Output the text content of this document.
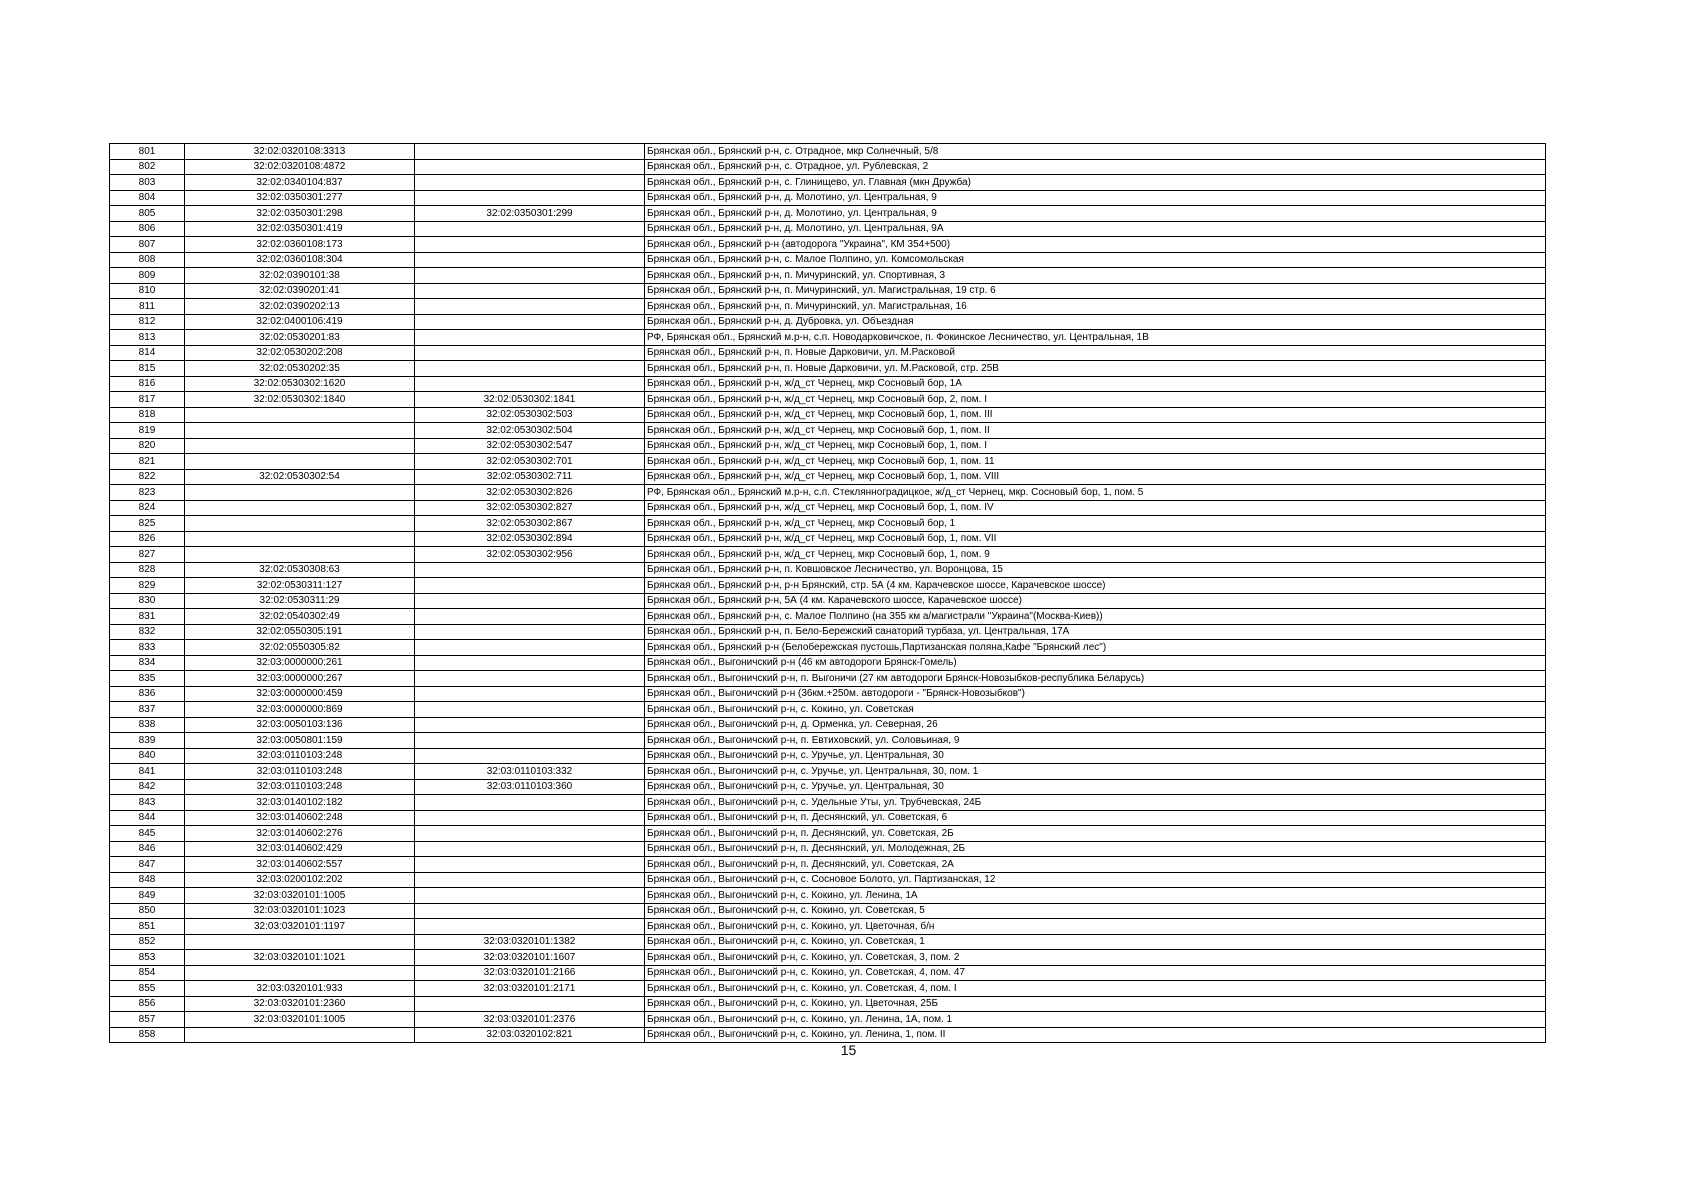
801	32:02:0320108:3313		Брянская обл., Брянский р-н, с. Отрадное, мкр Солнечный, 5/8
802	32:02:0320108:4872		Брянская обл., Брянский р-н, с. Отрадное, ул. Рублевская, 2
803	32:02:0340104:837		Брянская обл., Брянский р-н, с. Глинищево, ул. Главная (мкн Дружба)
804	32:02:0350301:277		Брянская обл., Брянский р-н, д. Молотино, ул. Центральная, 9
805	32:02:0350301:298	32:02:0350301:299	Брянская обл., Брянский р-н, д. Молотино, ул. Центральная, 9
806	32:02:0350301:419		Брянская обл., Брянский р-н, д. Молотино, ул. Центральная, 9А
807	32:02:0360108:173		Брянская обл., Брянский р-н (автодорога "Украина", КМ 354+500)
808	32:02:0360108:304		Брянская обл., Брянский р-н, с. Малое Полпино, ул. Комсомольская
809	32:02:0390101:38		Брянская обл., Брянский р-н, п. Мичуринский, ул. Спортивная, 3
810	32:02:0390201:41		Брянская обл., Брянский р-н, п. Мичуринский, ул. Магистральная, 19 стр. 6
811	32:02:0390202:13		Брянская обл., Брянский р-н, п. Мичуринский, ул. Магистральная, 16
812	32:02:0400106:419		Брянская обл., Брянский р-н, д. Дубровка, ул. Объездная
813	32:02:0530201:83		РФ, Брянская обл., Брянский м.р-н, с.п. Новодарковичское, п. Фокинское Лесничество, ул. Центральная, 1В
814	32:02:0530202:208		Брянская обл., Брянский р-н, п. Новые Дарковичи, ул. М.Расковой
815	32:02:0530202:35		Брянская обл., Брянский р-н, п. Новые Дарковичи, ул. М.Расковой, стр. 25В
816	32:02:0530302:1620		Брянская обл., Брянский р-н, ж/д_ст Чернец, мкр Сосновый бор, 1А
817	32:02:0530302:1840	32:02:0530302:1841	Брянская обл., Брянский р-н, ж/д_ст Чернец, мкр Сосновый бор, 2, пом. I
818		32:02:0530302:503	Брянская обл., Брянский р-н, ж/д_ст Чернец, мкр Сосновый бор, 1, пом. III
819		32:02:0530302:504	Брянская обл., Брянский р-н, ж/д_ст Чернец, мкр Сосновый бор, 1, пом. II
820		32:02:0530302:547	Брянская обл., Брянский р-н, ж/д_ст Чернец, мкр Сосновый бор, 1, пом. I
821		32:02:0530302:701	Брянская обл., Брянский р-н, ж/д_ст Чернец, мкр Сосновый бор, 1, пом. 11
822	32:02:0530302:54	32:02:0530302:711	Брянская обл., Брянский р-н, ж/д_ст Чернец, мкр Сосновый бор, 1, пом. VIII
823		32:02:0530302:826	РФ, Брянская обл., Брянский м.р-н, с.п. Стеклянноградицкое, ж/д_ст Чернец, мкр. Сосновый бор, 1, пом. 5
824		32:02:0530302:827	Брянская обл., Брянский р-н, ж/д_ст Чернец, мкр Сосновый бор, 1, пом. IV
825		32:02:0530302:867	Брянская обл., Брянский р-н, ж/д_ст Чернец, мкр Сосновый бор, 1
826		32:02:0530302:894	Брянская обл., Брянский р-н, ж/д_ст Чернец, мкр Сосновый бор, 1, пом. VII
827		32:02:0530302:956	Брянская обл., Брянский р-н, ж/д_ст Чернец, мкр Сосновый бор, 1, пом. 9
828	32:02:0530308:63		Брянская обл., Брянский р-н, п. Ковшовское Лесничество, ул. Воронцова, 15
829	32:02:0530311:127		Брянская обл., Брянский р-н, р-н Брянский, стр. 5А (4 км. Карачевское шоссе, Карачевское шоссе)
830	32:02:0530311:29		Брянская обл., Брянский р-н, 5А (4 км. Карачевского шоссе, Карачевское шоссе)
831	32:02:0540302:49		Брянская обл., Брянский р-н, с. Малое Полпино (на 355 км а/магистрали "Украина"(Москва-Киев))
832	32:02:0550305:191		Брянская обл., Брянский р-н, п. Бело-Бережский санаторий турбаза, ул. Центральная, 17А
833	32:02:0550305:82		Брянская обл., Брянский р-н (Белобережская пустошь,Партизанская поляна,Кафе "Брянский лес")
834	32:03:0000000:261		Брянская обл., Выгоничский р-н (46 км автодороги Брянск-Гомель)
835	32:03:0000000:267		Брянская обл., Выгоничский р-н, п. Выгоничи (27 км автодороги Брянск-Новозыбков-республика Беларусь)
836	32:03:0000000:459		Брянская обл., Выгоничский р-н (36км.+250м. автодороги - "Брянск-Новозыбков")
837	32:03:0000000:869		Брянская обл., Выгоничский р-н, с. Кокино, ул. Советская
838	32:03:0050103:136		Брянская обл., Выгоничский р-н, д. Орменка, ул. Северная, 26
839	32:03:0050801:159		Брянская обл., Выгоничский р-н, п. Евтиховский, ул. Соловьиная, 9
840	32:03:0110103:248		Брянская обл., Выгоничский р-н, с. Уручье, ул. Центральная, 30
841	32:03:0110103:248	32:03:0110103:332	Брянская обл., Выгоничский р-н, с. Уручье, ул. Центральная, 30, пом. 1
842	32:03:0110103:248	32:03:0110103:360	Брянская обл., Выгоничский р-н, с. Уручье, ул. Центральная, 30
843	32:03:0140102:182		Брянская обл., Выгоничский р-н, с. Удельные Уты, ул. Трубчевская, 24Б
844	32:03:0140602:248		Брянская обл., Выгоничский р-н, п. Деснянский, ул. Советская, 6
845	32:03:0140602:276		Брянская обл., Выгоничский р-н, п. Деснянский, ул. Советская, 2Б
846	32:03:0140602:429		Брянская обл., Выгоничский р-н, п. Деснянский, ул. Молодежная, 2Б
847	32:03:0140602:557		Брянская обл., Выгоничский р-н, п. Деснянский, ул. Советская, 2А
848	32:03:0200102:202		Брянская обл., Выгоничский р-н, с. Сосновое Болото, ул. Партизанская, 12
849	32:03:0320101:1005		Брянская обл., Выгоничский р-н, с. Кокино, ул. Ленина, 1А
850	32:03:0320101:1023		Брянская обл., Выгоничский р-н, с. Кокино, ул. Советская, 5
851	32:03:0320101:1197		Брянская обл., Выгоничский р-н, с. Кокино, ул. Цветочная, б/н
852		32:03:0320101:1382	Брянская обл., Выгоничский р-н, с. Кокино, ул. Советская, 1
853	32:03:0320101:1021	32:03:0320101:1607	Брянская обл., Выгоничский р-н, с. Кокино, ул. Советская, 3, пом. 2
854		32:03:0320101:2166	Брянская обл., Выгоничский р-н, с. Кокино, ул. Советская, 4, пом. 47
855	32:03:0320101:933	32:03:0320101:2171	Брянская обл., Выгоничский р-н, с. Кокино, ул. Советская, 4, пом. I
856	32:03:0320101:2360		Брянская обл., Выгоничский р-н, с. Кокино, ул. Цветочная, 25Б
857	32:03:0320101:1005	32:03:0320101:2376	Брянская обл., Выгоничский р-н, с. Кокино, ул. Ленина, 1А, пом. 1
858		32:03:0320102:821	Брянская обл., Выгоничский р-н, с. Кокино, ул. Ленина, 1, пом. II
15
